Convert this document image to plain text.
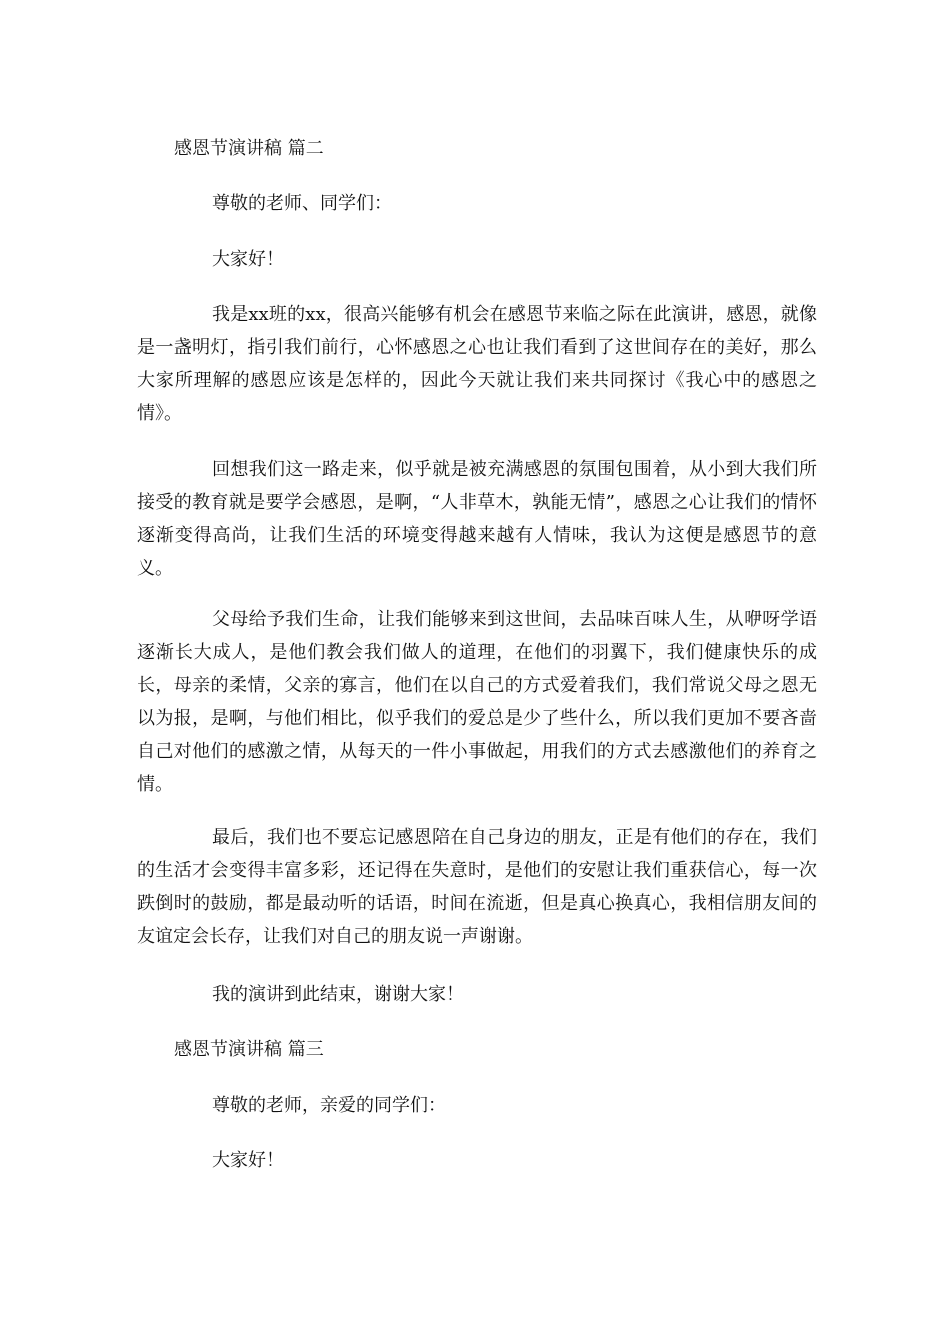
感恩节演讲稿 篇二
尊敬的老师、同学们：
大家好！
我是xx班的xx，很高兴能够有机会在感恩节来临之际在此演讲，感恩，就像是一盏明灯，指引我们前行，心怀感恩之心也让我们看到了这世间存在的美好，那么大家所理解的感恩应该是怎样的，因此今天就让我们来共同探讨《我心中的感恩之情》。
回想我们这一路走来，似乎就是被充满感恩的氛围包围着，从小到大我们所接受的教育就是要学会感恩，是啊，“人非草木，孰能无情”，感恩之心让我们的情怀逐渐变得高尚，让我们生活的环境变得越来越有人情味，我认为这便是感恩节的意义。
父母给予我们生命，让我们能够来到这世间，去品味百味人生，从咿呀学语逐渐长大成人，是他们教会我们做人的道理，在他们的羽翼下，我们健康快乐的成长，母亲的柔情，父亲的寡言，他们在以自己的方式爱着我们，我们常说父母之恩无以为报，是啊，与他们相比，似乎我们的爱总是少了些什么，所以我们更加不要吝啬自己对他们的感激之情，从每天的一件小事做起，用我们的方式去感激他们的养育之情。
最后，我们也不要忘记感恩陪在自己身边的朋友，正是有他们的存在，我们的生活才会变得丰富多彩，还记得在失意时，是他们的安慰让我们重获信心，每一次跌倒时的鼓励，都是最动听的话语，时间在流逝，但是真心换真心，我相信朋友间的友谊定会长存，让我们对自己的朋友说一声谢谢。
我的演讲到此结束，谢谢大家！
感恩节演讲稿 篇三
尊敬的老师，亲爱的同学们：
大家好！
